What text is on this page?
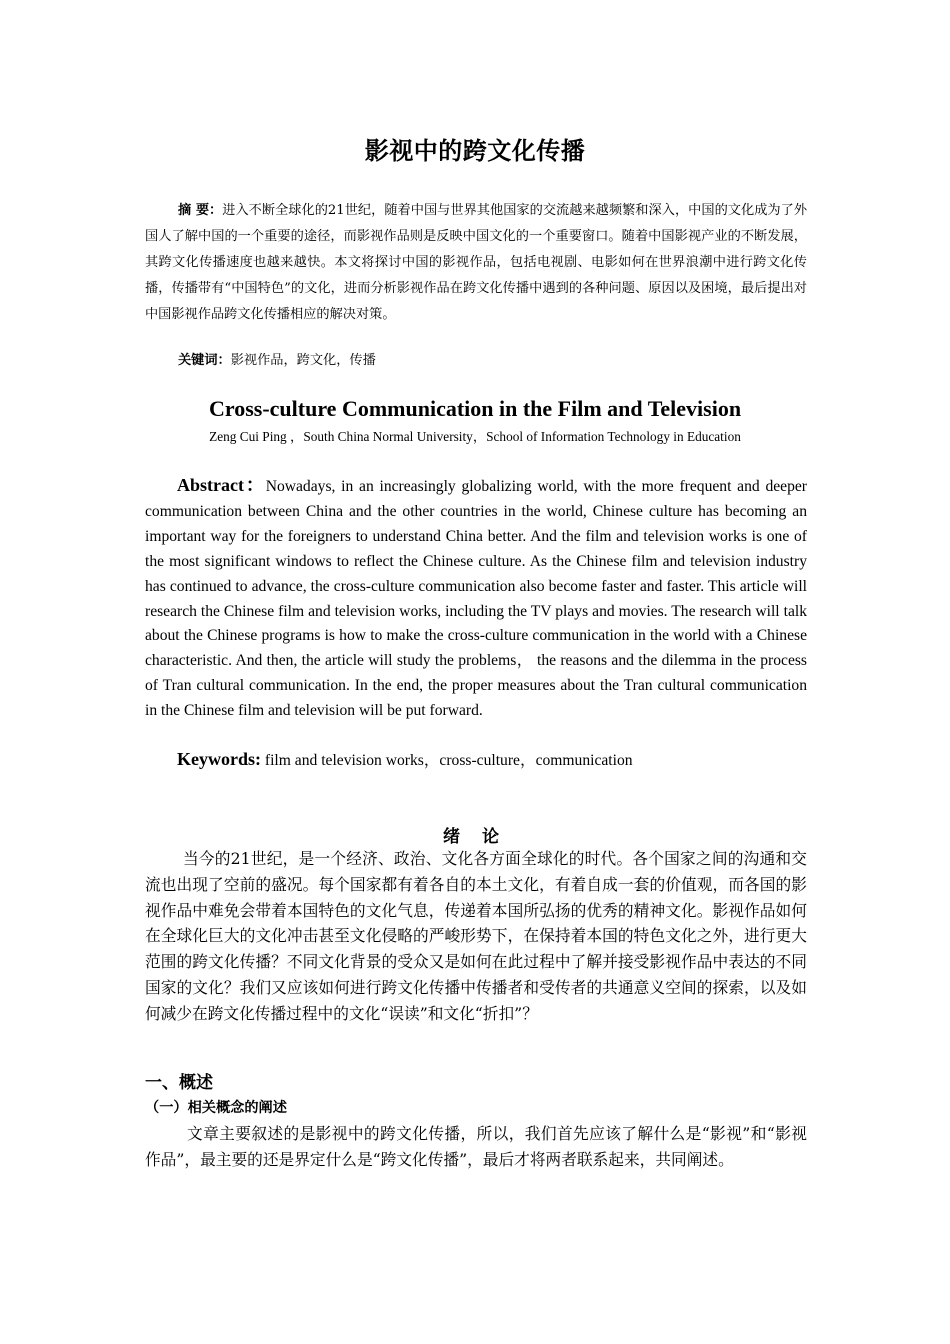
影视中的跨文化传播
摘 要：进入不断全球化的21世纪，随着中国与世界其他国家的交流越来越频繁和深入，中国的文化成为了外国人了解中国的一个重要的途径，而影视作品则是反映中国文化的一个重要窗口。随着中国影视产业的不断发展，其跨文化传播速度也越来越快。本文将探讨中国的影视作品，包括电视剧、电影如何在世界浪潮中进行跨文化传播，传播带有“中国特色”的文化，进而分析影视作品在跨文化传播中遇到的各种问题、原因以及困境，最后提出对中国影视作品跨文化传播相应的解决对策。
关键词：影视作品，跨文化，传播
Cross-culture Communication in the Film and Television
Zeng Cui Ping ，South China Normal University，School of Information Technology in Education
Abstract：Nowadays, in an increasingly globalizing world, with the more frequent and deeper communication between China and the other countries in the world, Chinese culture has becoming an important way for the foreigners to understand China better. And the film and television works is one of the most significant windows to reflect the Chinese culture. As the Chinese film and television industry has continued to advance, the cross-culture communication also become faster and faster. This article will research the Chinese film and television works, including the TV plays and movies. The research will talk about the Chinese programs is how to make the cross-culture communication in the world with a Chinese characteristic. And then, the article will study the problems， the reasons and the dilemma in the process of Tran cultural communication. In the end, the proper measures about the Tran cultural communication in the Chinese film and television will be put forward.
Keywords: film and television works，cross-culture，communication
绪 论
当今的21世纪，是一个经济、政治、文化各方面全球化的时代。各个国家之间的沟通和交流也出现了空前的盛况。每个国家都有着各自的本土文化，有着自成一套的价值观，而各国的影视作品中难免会带着本国特色的文化气息，传递着本国所弘扬的优秀的精神文化。影视作品如何在全球化巨大的文化冲击甚至文化侵略的严峻形势下，在保持着本国的特色文化之外，进行更大范围的跨文化传播？不同文化背景的受众又是如何在此过程中了解并接受影视作品中表达的不同国家的文化？我们又应该如何进行跨文化传播中传播者和受传者的共通意义空间的探索，以及如何减少在跨文化传播过程中的文化“误读”和文化“折扣”？
一、概述
（一）相关概念的阐述
文章主要叙述的是影视中的跨文化传播，所以，我们首先应该了解什么是“影视”和“影视作品”，最主要的还是界定什么是“跨文化传播”，最后才将两者联系起来，共同阐述。
